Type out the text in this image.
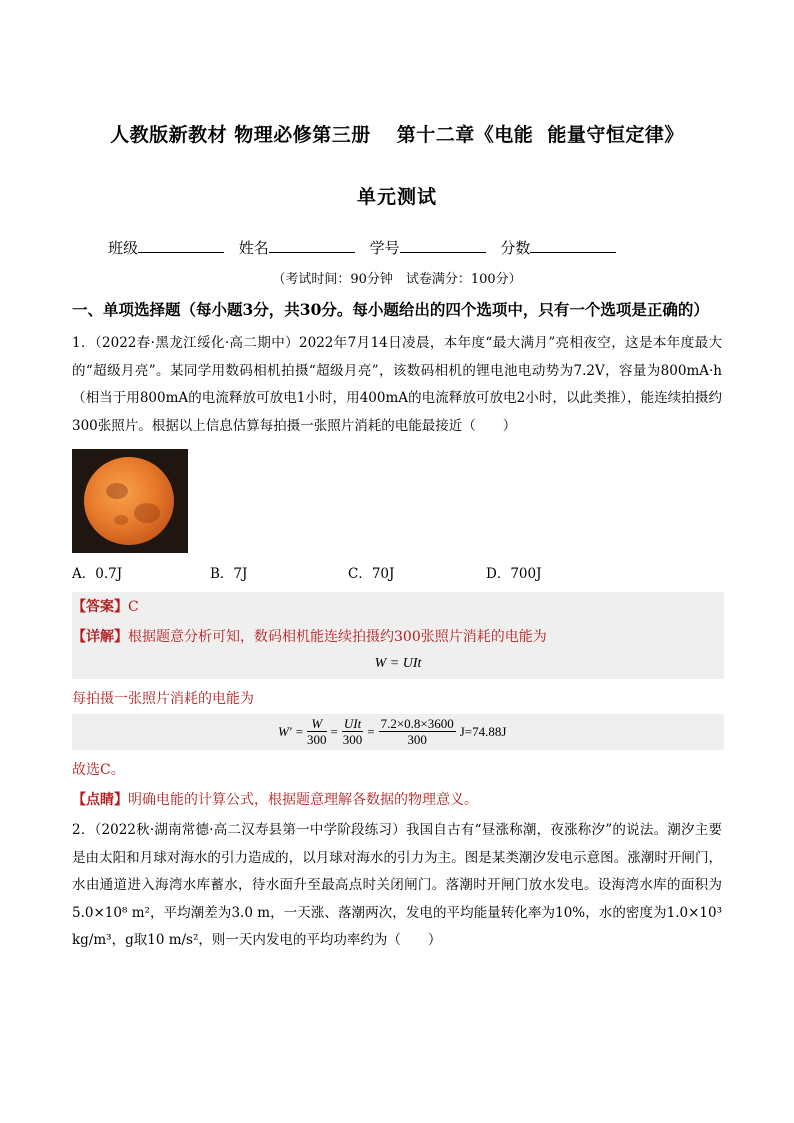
人教版新教材 物理必修第三册 第十二章《电能 能量守恒定律》
单元测试
班级	姓名	学号	分数
（考试时间：90分钟　试卷满分：100分）
一、单项选择题（每小题3分，共30分。每小题给出的四个选项中，只有一个选项是正确的）
1．（2022春·黑龙江绥化·高二期中）2022年7月14日凌晨，本年度“最大满月”亮相夜空，这是本年度最大的“超级月亮”。某同学用数码相机拍摄“超级月亮”，该数码相机的锂电池电动势为7.2V，容量为800mA·h（相当于用800mA的电流释放可放电1小时，用400mA的电流释放可放电2小时，以此类推），能连续拍摄约300张照片。根据以上信息估算每拍摄一张照片消耗的电能最接近（　　）
A．0.7J	B．7J	C．70J	D．700J
【答案】C
【详解】根据题意分析可知，数码相机能连续拍摄约300张照片消耗的电能为
W = UIt
每拍摄一张照片消耗的电能为
$W' = \frac{W}{300} = \frac{\text{UIt}}{300} = \frac{7.2\times 0.8\times 3600}{300} J=74.88J$
故选C。
【点睛】明确电能的计算公式，根据题意理解各数据的物理意义。
2．（2022秋·湖南常德·高二汉寿县第一中学阶段练习）我国自古有“昼涨称潮，夜涨称汐”的说法。潮汐主要是由太阳和月球对海水的引力造成的，以月球对海水的引力为主。图是某类潮汐发电示意图。涨潮时开闸门，水由通道进入海湾水库蓄水，待水面升至最高点时关闭闸门。落潮时开闸门放水发电。设海湾水库的面积为5.0×10⁸ m²，平均潮差为3.0 m，一天涨、落潮两次，发电的平均能量转化率为10%，水的密度为1.0×10³ kg/m³，g取10 m/s²，则一天内发电的平均功率约为（　　）
